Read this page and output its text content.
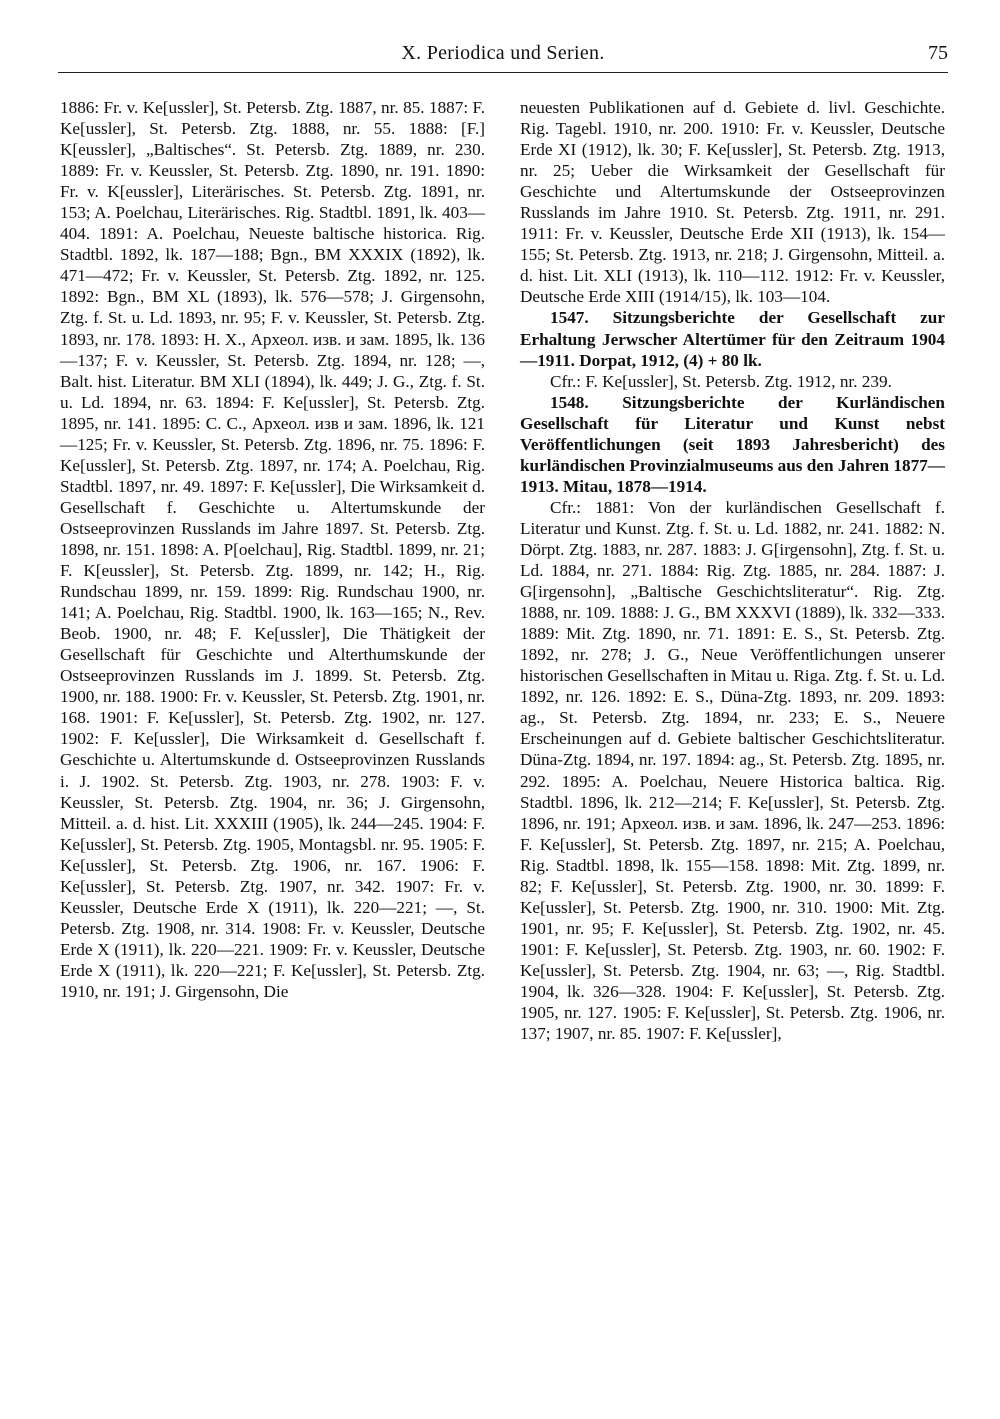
X. Periodica und Serien.	75

1886: Fr. v. Ke[ussler], St. Petersb. Ztg. 1887, nr. 85. 1887: F. Ke[ussler], St. Petersb. Ztg. 1888, nr. 55. 1888: [F.] K[eussler], „Baltisches“. St. Petersb. Ztg. 1889, nr. 230. 1889: Fr. v. Keussler, St. Petersb. Ztg. 1890, nr. 191. 1890: Fr. v. K[eussler], Literärisches. St. Petersb. Ztg. 1891, nr. 153; A. Poelchau, Literärisches. Rig. Stadtbl. 1891, lk. 403—404. 1891: A. Poelchau, Neueste baltische historica. Rig. Stadtbl. 1892, lk. 187—188; Bgn., BM XXXIX (1892), lk. 471—472; Fr. v. Keussler, St. Petersb. Ztg. 1892, nr. 125. 1892: Bgn., BM XL (1893), lk. 576—578; J. Girgensohn, Ztg. f. St. u. Ld. 1893, nr. 95; F. v. Keussler, St. Petersb. Ztg. 1893, nr. 178. 1893: H. X., Археол. изв. и зам. 1895, lk. 136—137; F. v. Keussler, St. Petersb. Ztg. 1894, nr. 128; —, Balt. hist. Literatur. BM XLI (1894), lk. 449; J. G., Ztg. f. St. u. Ld. 1894, nr. 63. 1894: F. Ke[ussler], St. Petersb. Ztg. 1895, nr. 141. 1895: C. C., Археол. изв и зам. 1896, lk. 121—125; Fr. v. Keussler, St. Petersb. Ztg. 1896, nr. 75. 1896: F. Ke[ussler], St. Petersb. Ztg. 1897, nr. 174; A. Poelchau, Rig. Stadtbl. 1897, nr. 49. 1897: F. Ke[ussler], Die Wirksamkeit d. Gesellschaft f. Geschichte u. Altertumskunde der Ostseeprovinzen Russlands im Jahre 1897. St. Petersb. Ztg. 1898, nr. 151. 1898: A. P[oelchau], Rig. Stadtbl. 1899, nr. 21; F. K[eussler], St. Petersb. Ztg. 1899, nr. 142; H., Rig. Rundschau 1899, nr. 159. 1899: Rig. Rundschau 1900, nr. 141; A. Poelchau, Rig. Stadtbl. 1900, lk. 163—165; N., Rev. Beob. 1900, nr. 48; F. Ke[ussler], Die Thätigkeit der Gesellschaft für Geschichte und Alterthumskunde der Ostseeprovinzen Russlands im J. 1899. St. Petersb. Ztg. 1900, nr. 188. 1900: Fr. v. Keussler, St. Petersb. Ztg. 1901, nr. 168. 1901: F. Ke[ussler], St. Petersb. Ztg. 1902, nr. 127. 1902: F. Ke[ussler], Die Wirksamkeit d. Gesellschaft f. Geschichte u. Altertumskunde d. Ostseeprovinzen Russlands i. J. 1902. St. Petersb. Ztg. 1903, nr. 278. 1903: F. v. Keussler, St. Petersb. Ztg. 1904, nr. 36; J. Girgensohn, Mitteil. a. d. hist. Lit. XXXIII (1905), lk. 244—245. 1904: F. Ke[ussler], St. Petersb. Ztg. 1905, Montagsbl. nr. 95. 1905: F. Ke[ussler], St. Petersb. Ztg. 1906, nr. 167. 1906: F. Ke[ussler], St. Petersb. Ztg. 1907, nr. 342. 1907: Fr. v. Keussler, Deutsche Erde X (1911), lk. 220—221; —, St. Petersb. Ztg. 1908, nr. 314. 1908: Fr. v. Keussler, Deutsche Erde X (1911), lk. 220—221. 1909: Fr. v. Keussler, Deutsche Erde X (1911), lk. 220—221; F. Ke[ussler], St. Petersb. Ztg. 1910, nr. 191; J. Girgensohn, Die

neuesten Publikationen auf d. Gebiete d. livl. Geschichte. Rig. Tagebl. 1910, nr. 200. 1910: Fr. v. Keussler, Deutsche Erde XI (1912), lk. 30; F. Ke[ussler], St. Petersb. Ztg. 1913, nr. 25; Ueber die Wirksamkeit der Gesellschaft für Geschichte und Altertumskunde der Ostseeprovinzen Russlands im Jahre 1910. St. Petersb. Ztg. 1911, nr. 291. 1911: Fr. v. Keussler, Deutsche Erde XII (1913), lk. 154—155; St. Petersb. Ztg. 1913, nr. 218; J. Girgensohn, Mitteil. a. d. hist. Lit. XLI (1913), lk. 110—112. 1912: Fr. v. Keussler, Deutsche Erde XIII (1914/15), lk. 103—104.

1547. Sitzungsberichte der Gesellschaft zur Erhaltung Jerwscher Altertümer für den Zeitraum 1904—1911. Dorpat, 1912, (4) + 80 lk.

Cfr.: F. Ke[ussler], St. Petersb. Ztg. 1912, nr. 239.

1548. Sitzungsberichte der Kurländischen Gesellschaft für Literatur und Kunst nebst Veröffentlichungen (seit 1893 Jahresbericht) des kurländischen Provinzialmuseums aus den Jahren 1877—1913. Mitau, 1878—1914.

Cfr.: 1881: Von der kurländischen Gesellschaft f. Literatur und Kunst. Ztg. f. St. u. Ld. 1882, nr. 241. 1882: N. Dörpt. Ztg. 1883, nr. 287. 1883: J. G[irgensohn], Ztg. f. St. u. Ld. 1884, nr. 271. 1884: Rig. Ztg. 1885, nr. 284. 1887: J. G[irgensohn], „Baltische Geschichtsliteratur“. Rig. Ztg. 1888, nr. 109. 1888: J. G., BM XXXVI (1889), lk. 332—333. 1889: Mit. Ztg. 1890, nr. 71. 1891: E. S., St. Petersb. Ztg. 1892, nr. 278; J. G., Neue Veröffentlichungen unserer historischen Gesellschaften in Mitau u. Riga. Ztg. f. St. u. Ld. 1892, nr. 126. 1892: E. S., Düna-Ztg. 1893, nr. 209. 1893: ag., St. Petersb. Ztg. 1894, nr. 233; E. S., Neuere Erscheinungen auf d. Gebiete baltischer Geschichtsliteratur. Düna-Ztg. 1894, nr. 197. 1894: ag., St. Petersb. Ztg. 1895, nr. 292. 1895: A. Poelchau, Neuere Historica baltica. Rig. Stadtbl. 1896, lk. 212—214; F. Ke[ussler], St. Petersb. Ztg. 1896, nr. 191; Археол. изв. и зам. 1896, lk. 247—253. 1896: F. Ke[ussler], St. Petersb. Ztg. 1897, nr. 215; A. Poelchau, Rig. Stadtbl. 1898, lk. 155—158. 1898: Mit. Ztg. 1899, nr. 82; F. Ke[ussler], St. Petersb. Ztg. 1900, nr. 30. 1899: F. Ke[ussler], St. Petersb. Ztg. 1900, nr. 310. 1900: Mit. Ztg. 1901, nr. 95; F. Ke[ussler], St. Petersb. Ztg. 1902, nr. 45. 1901: F. Ke[ussler], St. Petersb. Ztg. 1903, nr. 60. 1902: F. Ke[ussler], St. Petersb. Ztg. 1904, nr. 63; —, Rig. Stadtbl. 1904, lk. 326—328. 1904: F. Ke[ussler], St. Petersb. Ztg. 1905, nr. 127. 1905: F. Ke[ussler], St. Petersb. Ztg. 1906, nr. 137; 1907, nr. 85. 1907: F. Ke[ussler],
